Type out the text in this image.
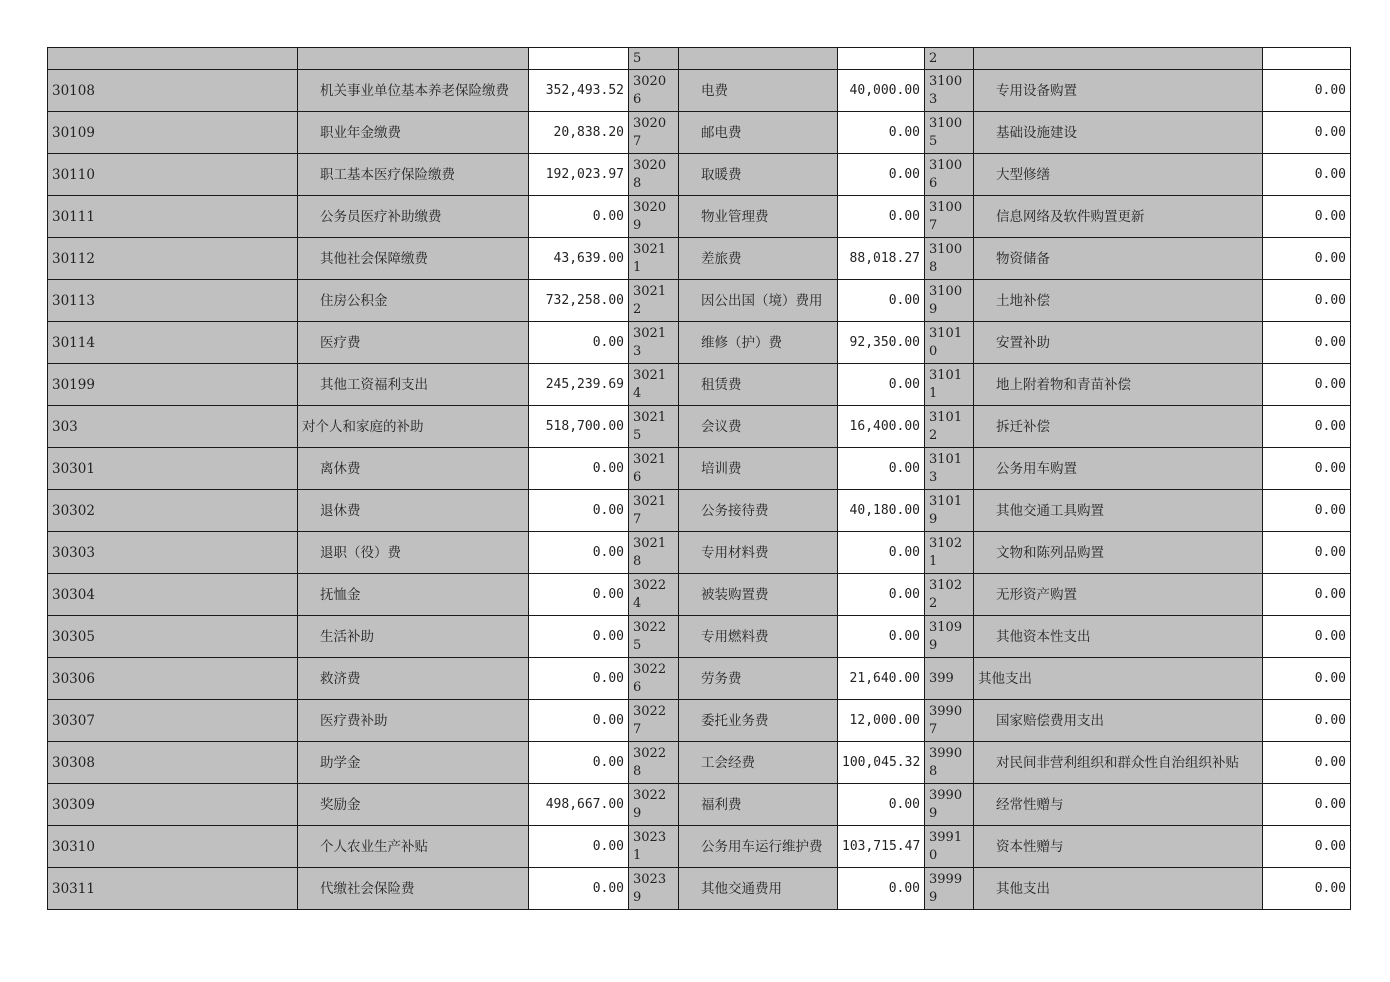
			5			2		
30108	机关事业单位基本养老保险缴费	352,493.52	30206	电费	40,000.00	31003	专用设备购置	0.00
30109	职业年金缴费	20,838.20	30207	邮电费	0.00	31005	基础设施建设	0.00
30110	职工基本医疗保险缴费	192,023.97	30208	取暖费	0.00	31006	大型修缮	0.00
30111	公务员医疗补助缴费	0.00	30209	物业管理费	0.00	31007	信息网络及软件购置更新	0.00
30112	其他社会保障缴费	43,639.00	30211	差旅费	88,018.27	31008	物资储备	0.00
30113	住房公积金	732,258.00	30212	因公出国（境）费用	0.00	31009	土地补偿	0.00
30114	医疗费	0.00	30213	维修（护）费	92,350.00	31010	安置补助	0.00
30199	其他工资福利支出	245,239.69	30214	租赁费	0.00	31011	地上附着物和青苗补偿	0.00
303	对个人和家庭的补助	518,700.00	30215	会议费	16,400.00	31012	拆迁补偿	0.00
30301	离休费	0.00	30216	培训费	0.00	31013	公务用车购置	0.00
30302	退休费	0.00	30217	公务接待费	40,180.00	31019	其他交通工具购置	0.00
30303	退职（役）费	0.00	30218	专用材料费	0.00	31021	文物和陈列品购置	0.00
30304	抚恤金	0.00	30224	被装购置费	0.00	31022	无形资产购置	0.00
30305	生活补助	0.00	30225	专用燃料费	0.00	31099	其他资本性支出	0.00
30306	救济费	0.00	30226	劳务费	21,640.00	399	其他支出	0.00
30307	医疗费补助	0.00	30227	委托业务费	12,000.00	39907	国家赔偿费用支出	0.00
30308	助学金	0.00	30228	工会经费	100,045.32	39908	对民间非营利组织和群众性自治组织补贴	0.00
30309	奖励金	498,667.00	30229	福利费	0.00	39909	经常性赠与	0.00
30310	个人农业生产补贴	0.00	30231	公务用车运行维护费	103,715.47	39910	资本性赠与	0.00
30311	代缴社会保险费	0.00	30239	其他交通费用	0.00	39999	其他支出	0.00
